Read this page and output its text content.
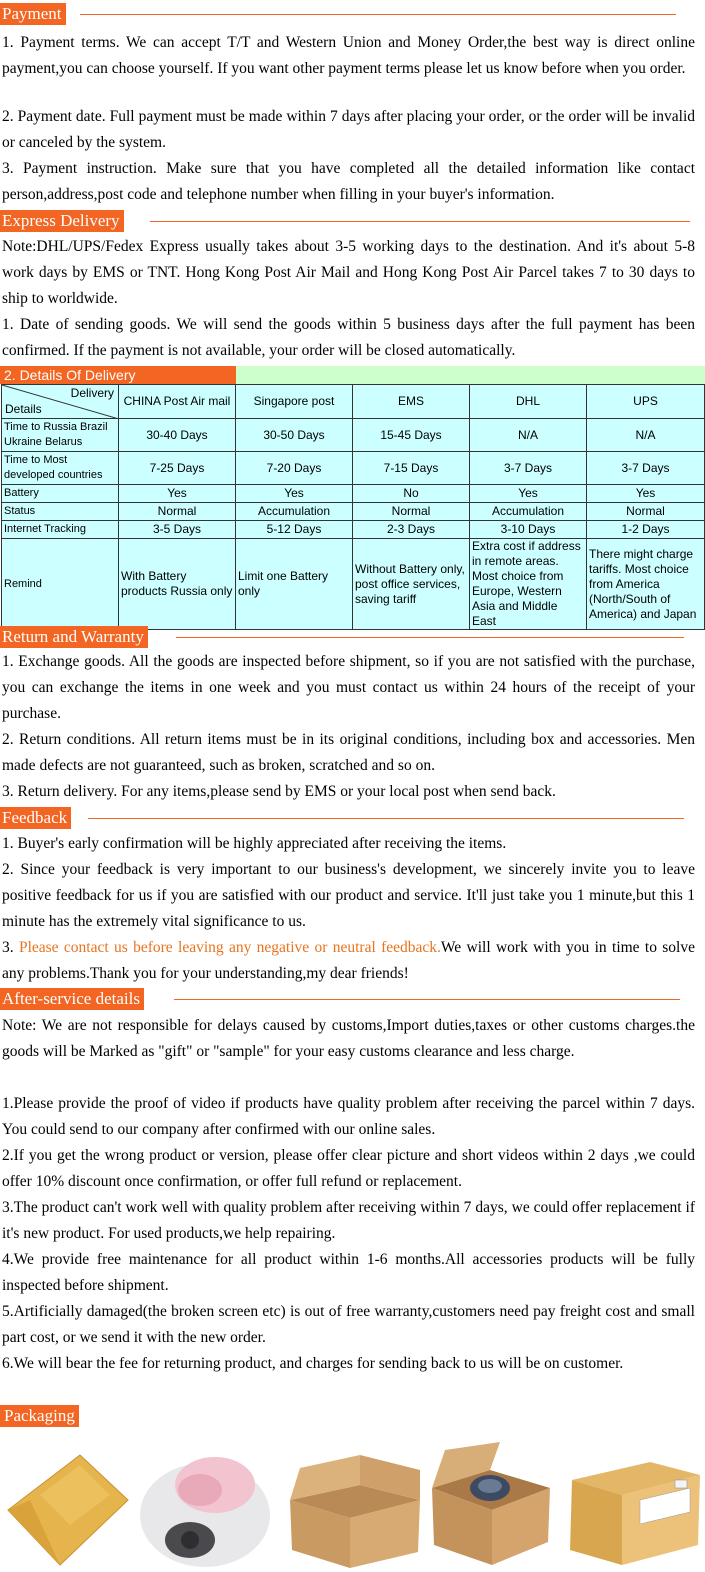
Payment
1. Payment terms. We can accept T/T and Western Union and Money Order,the best way is direct online payment,you can choose yourself. If you want other payment terms please let us know before when you order.
2. Payment date. Full payment must be made within 7 days after placing your order, or the order will be invalid or canceled by the system.
3. Payment instruction. Make sure that you have completed all the detailed information like contact person,address,post code and telephone number when filling in your buyer's information.
Express Delivery
Note:DHL/UPS/Fedex Express usually takes about 3-5 working days to the destination. And it's about 5-8 work days by EMS or TNT. Hong Kong Post Air Mail and Hong Kong Post Air Parcel takes 7 to 30 days to ship to worldwide.
1. Date of sending goods. We will send the goods within 5 business days after the full payment has been confirmed. If the payment is not available, your order will be closed automatically.
2. Details Of Delivery
Delivery
Details	CHINA Post Air mail	Singapore post	EMS	DHL	UPS
Time to Russia Brazil Ukraine Belarus	30-40 Days	30-50 Days	15-45 Days	N/A	N/A
Time to Most developed countries	7-25 Days	7-20 Days	7-15 Days	3-7 Days	3-7 Days
Battery	Yes	Yes	No	Yes	Yes
Status	Normal	Accumulation	Normal	Accumulation	Normal
Internet Tracking	3-5 Days	5-12 Days	2-3 Days	3-10 Days	1-2 Days
Remind	With Battery products Russia only	Limit one Battery only	Without Battery only, post office services, saving tariff	Extra cost if address in remote areas. Most choice from Europe, Western Asia and Middle East	There might charge tariffs. Most choice from America (North/South of America) and Japan
Return and Warranty
1. Exchange goods. All the goods are inspected before shipment, so if you are not satisfied with the purchase, you can exchange the items in one week and you must contact us within 24 hours of the receipt of your purchase.
2. Return conditions. All return items must be in its original conditions, including box and accessories. Men made defects are not guaranteed, such as broken, scratched and so on.
3. Return delivery. For any items,please send by EMS or your local post when send back.
Feedback
1. Buyer's early confirmation will be highly appreciated after receiving the items.
2. Since your feedback is very important to our business's development, we sincerely invite you to leave positive feedback for us if you are satisfied with our product and service. It'll just take you 1 minute,but this 1 minute has the extremely vital significance to us.
3. Please contact us before leaving any negative or neutral feedback.We will work with you in time to solve any problems.Thank you for your understanding,my dear friends!
After-service details
Note: We are not responsible for delays caused by customs,Import duties,taxes or other customs charges.the goods will be Marked as "gift" or "sample" for your easy customs clearance and less charge.
1.Please provide the proof of video if products have quality problem after receiving the parcel within 7 days. You could send to our company after confirmed with our online sales.
2.If you get the wrong product or version, please offer clear picture and short videos within 2 days ,we could offer 10% discount once confirmation, or offer full refund or replacement.
3.The product can't work well with quality problem after receiving within 7 days, we could offer replacement if it's new product. For used products,we help repairing.
4.We provide free maintenance for all product within 1-6 months.All accessories products will be fully inspected before shipment.
5.Artificially damaged(the broken screen etc) is out of free warranty,customers need pay freight cost and small part cost, or we send it with the new order.
6.We will bear the fee for returning product, and charges for sending back to us will be on customer.
Packaging
